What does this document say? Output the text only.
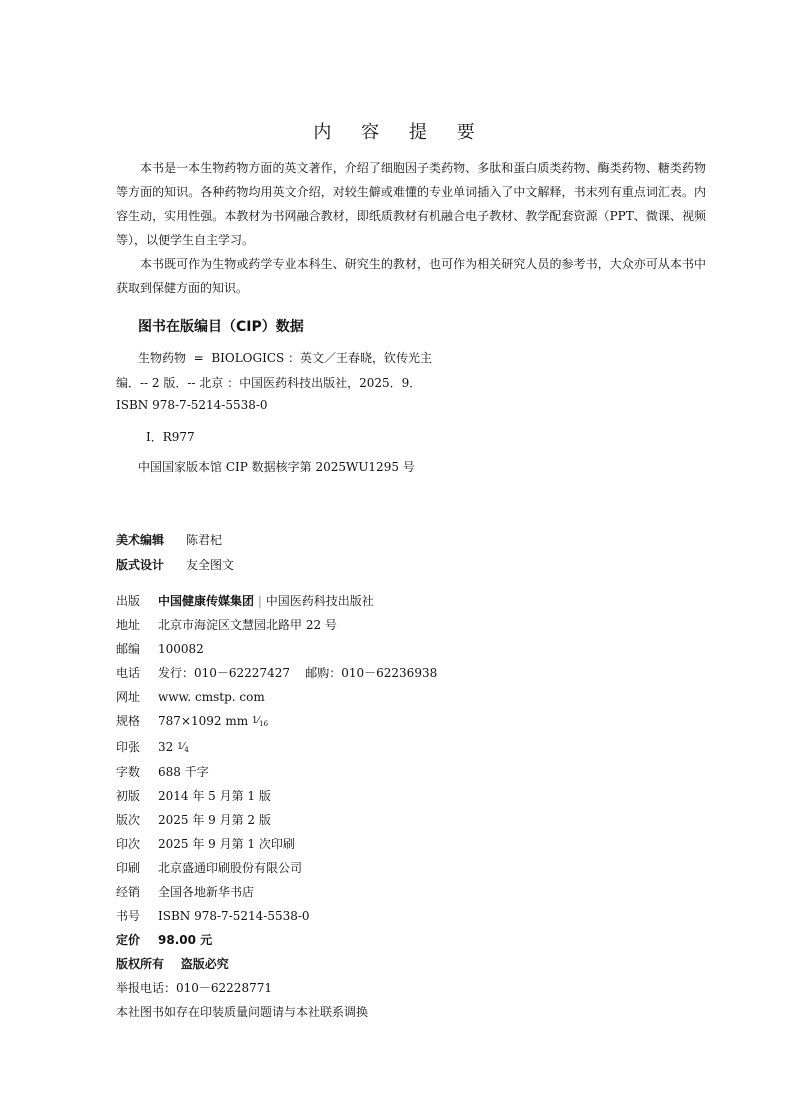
内 容 提 要

本书是一本生物药物方面的英文著作，介绍了细胞因子类药物、多肽和蛋白质类药物、酶类药物、糖类药物等方面的知识。各种药物均用英文介绍，对较生僻或难懂的专业单词插入了中文解释，书末列有重点词汇表。内容生动，实用性强。本教材为书网融合教材，即纸质教材有机融合电子教材、教学配套资源（PPT、微课、视频等），以便学生自主学习。

本书既可作为生物或药学专业本科生、研究生的教材，也可作为相关研究人员的参考书，大众亦可从本书中获取到保健方面的知识。

图书在版编目（CIP）数据
生物药物  =  BIOLOGICS ：英文／王春晓，钦传光主
编．-- 2 版．-- 北京 ：中国医药科技出版社，2025．9．
ISBN 978-7-5214-5538-0
Ⅰ．R977
中国国家版本馆 CIP 数据核字第 2025WU1295 号
美术编辑 陈君杞
版式设计 友全图文
出版 中国健康传媒集团 | 中国医药科技出版社
地址 北京市海淀区文慧园北路甲 22 号
邮编 100082
电话 发行：010－62227427    邮购：010－62236938
网址 www. cmstp. com
规格 787×1092 mm $1⁄_{16}$
印张 32 $1⁄_4$
字数 688 千字
初版 2014 年 5 月第 1 版
版次 2025 年 9 月第 2 版
印次 2025 年 9 月第 1 次印刷
印刷 北京盛通印刷股份有限公司
经销 全国各地新华书店
书号 ISBN 978-7-5214-5538-0
定价 98.00 元
版权所有    盗版必究
举报电话：010－62228771
本社图书如存在印装质量问题请与本社联系调换
